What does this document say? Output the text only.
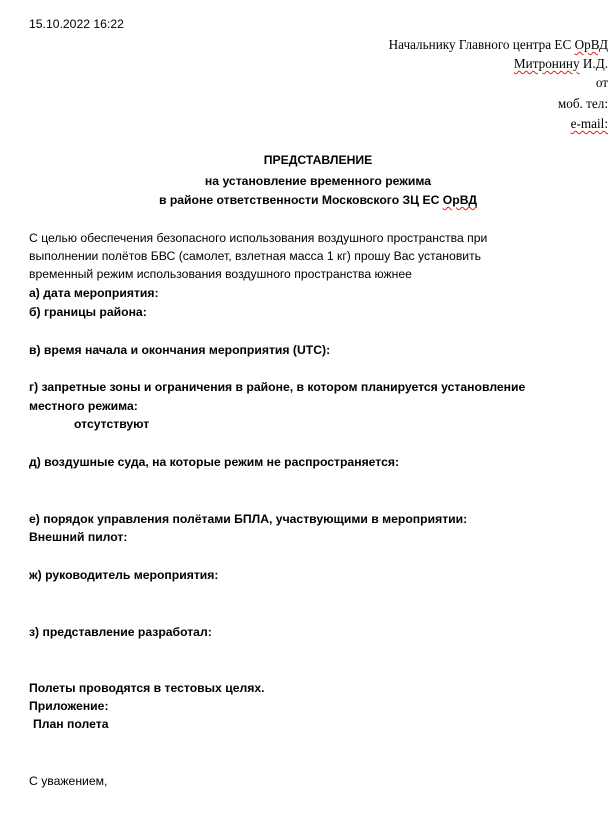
15.10.2022 16:22
Начальнику Главного центра ЕС ОрВД
Митронину И.Д.
от
моб. тел:
e-mail:
ПРЕДСТАВЛЕНИЕ
на установление временного режима
в районе ответственности Московского ЗЦ ЕС ОрВД
С целью обеспечения безопасного использования воздушного пространства при
выполнении полётов БВС (самолет, взлетная масса 1 кг) прошу Вас установить
временный режим использования воздушного пространства южнее
а) дата мероприятия:
б) границы района:
в) время начала и окончания мероприятия (UTC):
г) запретные зоны и ограничения в районе, в котором планируется установление
местного режима:
отсутствуют
д) воздушные суда, на которые режим не распространяется:
е) порядок управления полётами БПЛА, участвующими в мероприятии:
Внешний пилот:
ж) руководитель мероприятия:
з) представление разработал:
Полеты проводятся в тестовых целях.
Приложение:
План полета
С уважением,
